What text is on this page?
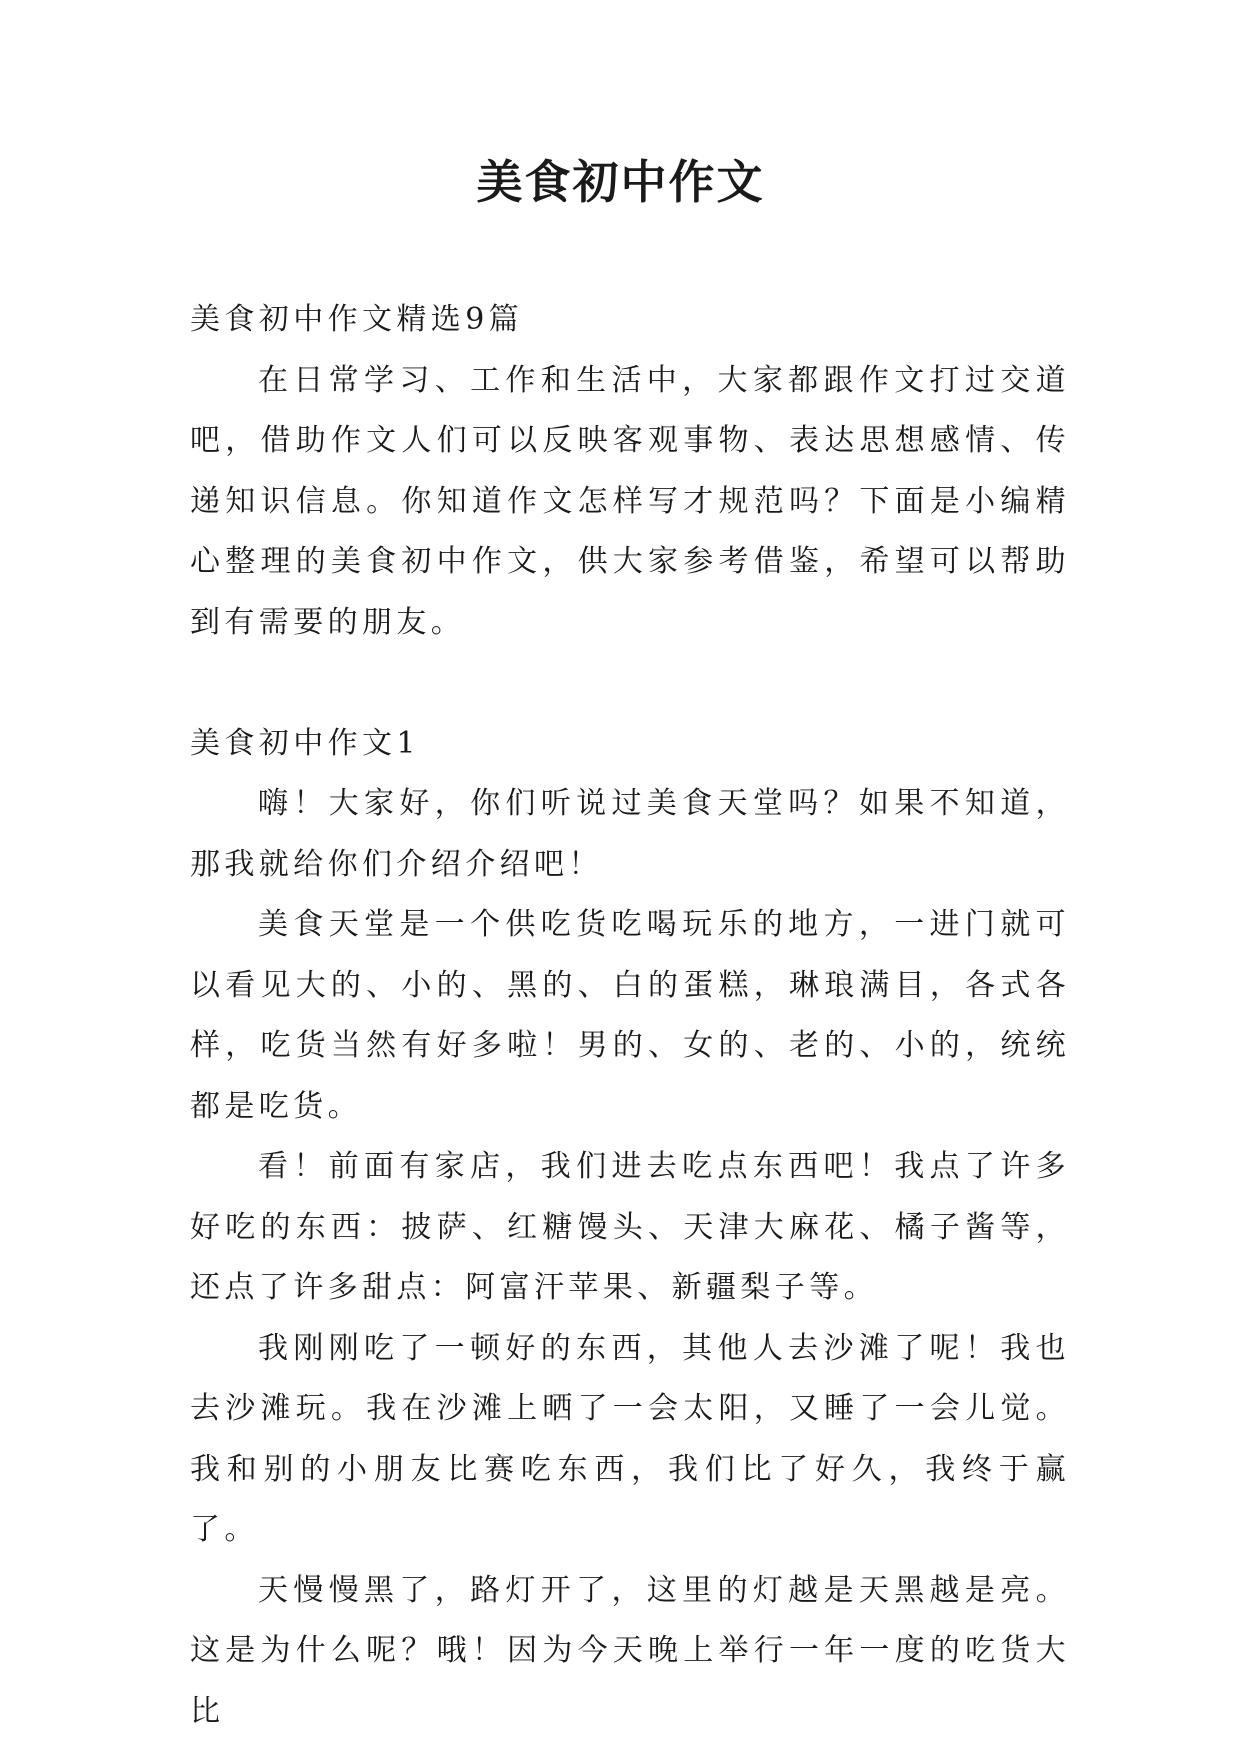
美食初中作文

美食初中作文精选9篇

在日常学习、工作和生活中，大家都跟作文打过交道吧，借助作文人们可以反映客观事物、表达思想感情、传递知识信息。你知道作文怎样写才规范吗？下面是小编精心整理的美食初中作文，供大家参考借鉴，希望可以帮助到有需要的朋友。

美食初中作文1

嗨！大家好，你们听说过美食天堂吗？如果不知道，那我就给你们介绍介绍吧！

美食天堂是一个供吃货吃喝玩乐的地方，一进门就可以看见大的、小的、黑的、白的蛋糕，琳琅满目，各式各样，吃货当然有好多啦！男的、女的、老的、小的，统统都是吃货。

看！前面有家店，我们进去吃点东西吧！我点了许多好吃的东西：披萨、红糖馒头、天津大麻花、橘子酱等，还点了许多甜点：阿富汗苹果、新疆梨子等。

我刚刚吃了一顿好的东西，其他人去沙滩了呢！我也去沙滩玩。我在沙滩上晒了一会太阳，又睡了一会儿觉。我和别的小朋友比赛吃东西，我们比了好久，我终于赢了。

天慢慢黑了，路灯开了，这里的灯越是天黑越是亮。这是为什么呢？哦！因为今天晚上举行一年一度的吃货大比
